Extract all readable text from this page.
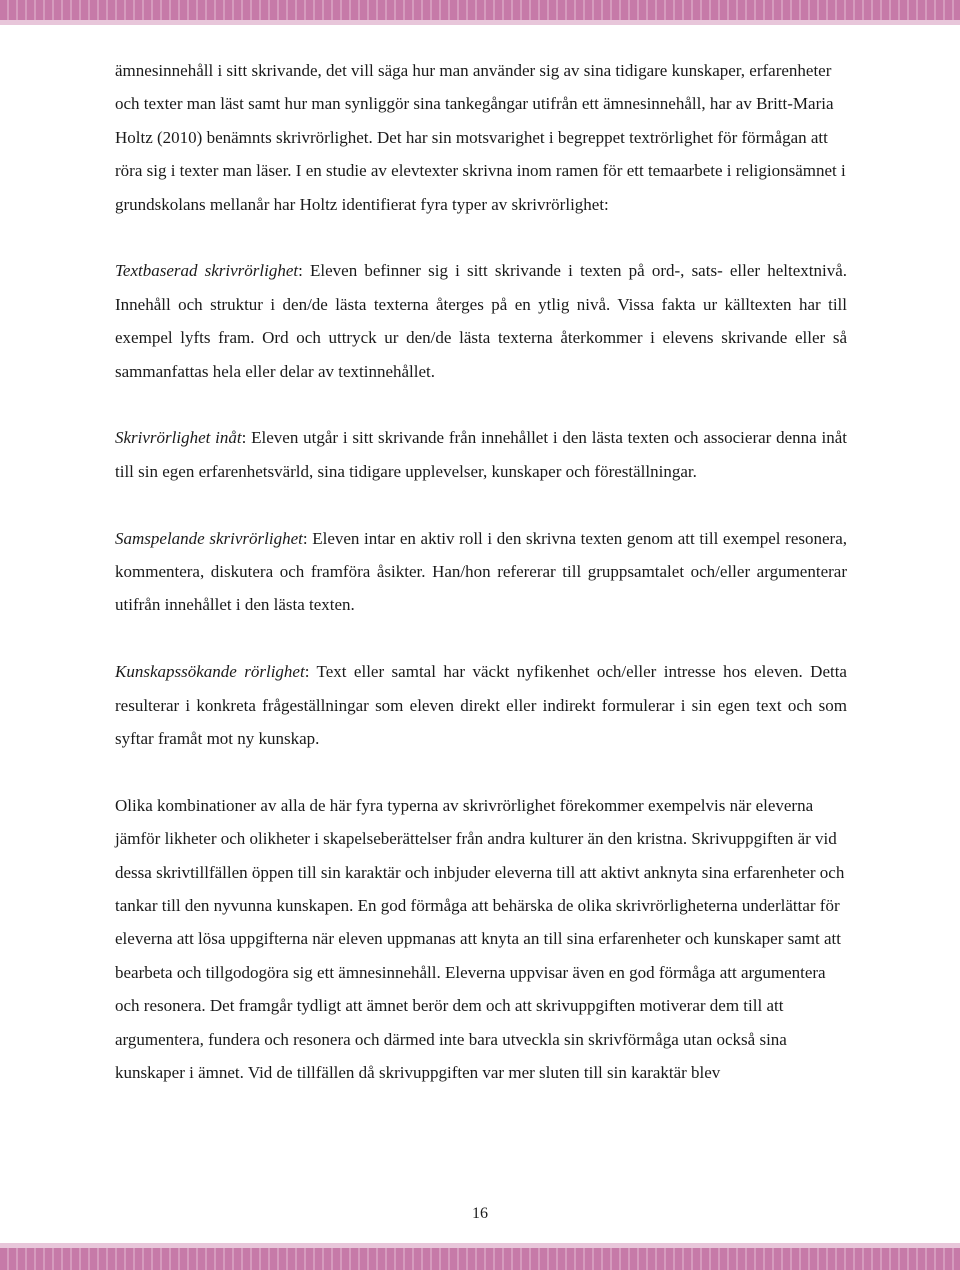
ämnesinnehåll i sitt skrivande, det vill säga hur man använder sig av sina tidigare kunskaper, erfarenheter och texter man läst samt hur man synliggör sina tankegångar utifrån ett ämnesinnehåll, har av Britt-Maria Holtz (2010) benämnts skrivrörlighet. Det har sin motsvarighet i begreppet textrörlighet för förmågan att röra sig i texter man läser. I en studie av elevtexter skrivna inom ramen för ett temaarbete i religionsämnet i grundskolans mellanår har Holtz identifierat fyra typer av skrivrörlighet:

Textbaserad skrivrörlighet: Eleven befinner sig i sitt skrivande i texten på ord-, sats- eller heltextnivå. Innehåll och struktur i den/de lästa texterna återges på en ytlig nivå. Vissa fakta ur källtexten har till exempel lyfts fram. Ord och uttryck ur den/de lästa texterna återkommer i elevens skrivande eller så sammanfattas hela eller delar av textinnehållet.

Skrivrörlighet inåt: Eleven utgår i sitt skrivande från innehållet i den lästa texten och associerar denna inåt till sin egen erfarenhetsvärld, sina tidigare upplevelser, kunskaper och föreställningar.

Samspelande skrivrörlighet: Eleven intar en aktiv roll i den skrivna texten genom att till exempel resonera, kommentera, diskutera och framföra åsikter. Han/hon refererar till gruppsamtalet och/eller argumenterar utifrån innehållet i den lästa texten.

Kunskapssökande rörlighet: Text eller samtal har väckt nyfikenhet och/eller intresse hos eleven. Detta resulterar i konkreta frågeställningar som eleven direkt eller indirekt formulerar i sin egen text och som syftar framåt mot ny kunskap.

Olika kombinationer av alla de här fyra typerna av skrivrörlighet förekommer exempelvis när eleverna jämför likheter och olikheter i skapelseberättelser från andra kulturer än den kristna. Skrivuppgiften är vid dessa skrivtillfällen öppen till sin karaktär och inbjuder eleverna till att aktivt anknyta sina erfarenheter och tankar till den nyvunna kunskapen. En god förmåga att behärska de olika skrivrörligheterna underlättar för eleverna att lösa uppgifterna när eleven uppmanas att knyta an till sina erfarenheter och kunskaper samt att bearbeta och tillgodogöra sig ett ämnesinnehåll. Eleverna uppvisar även en god förmåga att argumentera och resonera. Det framgår tydligt att ämnet berör dem och att skrivuppgiften motiverar dem till att argumentera, fundera och resonera och därmed inte bara utveckla sin skrivförmåga utan också sina kunskaper i ämnet. Vid de tillfällen då skrivuppgiften var mer sluten till sin karaktär blev

16
